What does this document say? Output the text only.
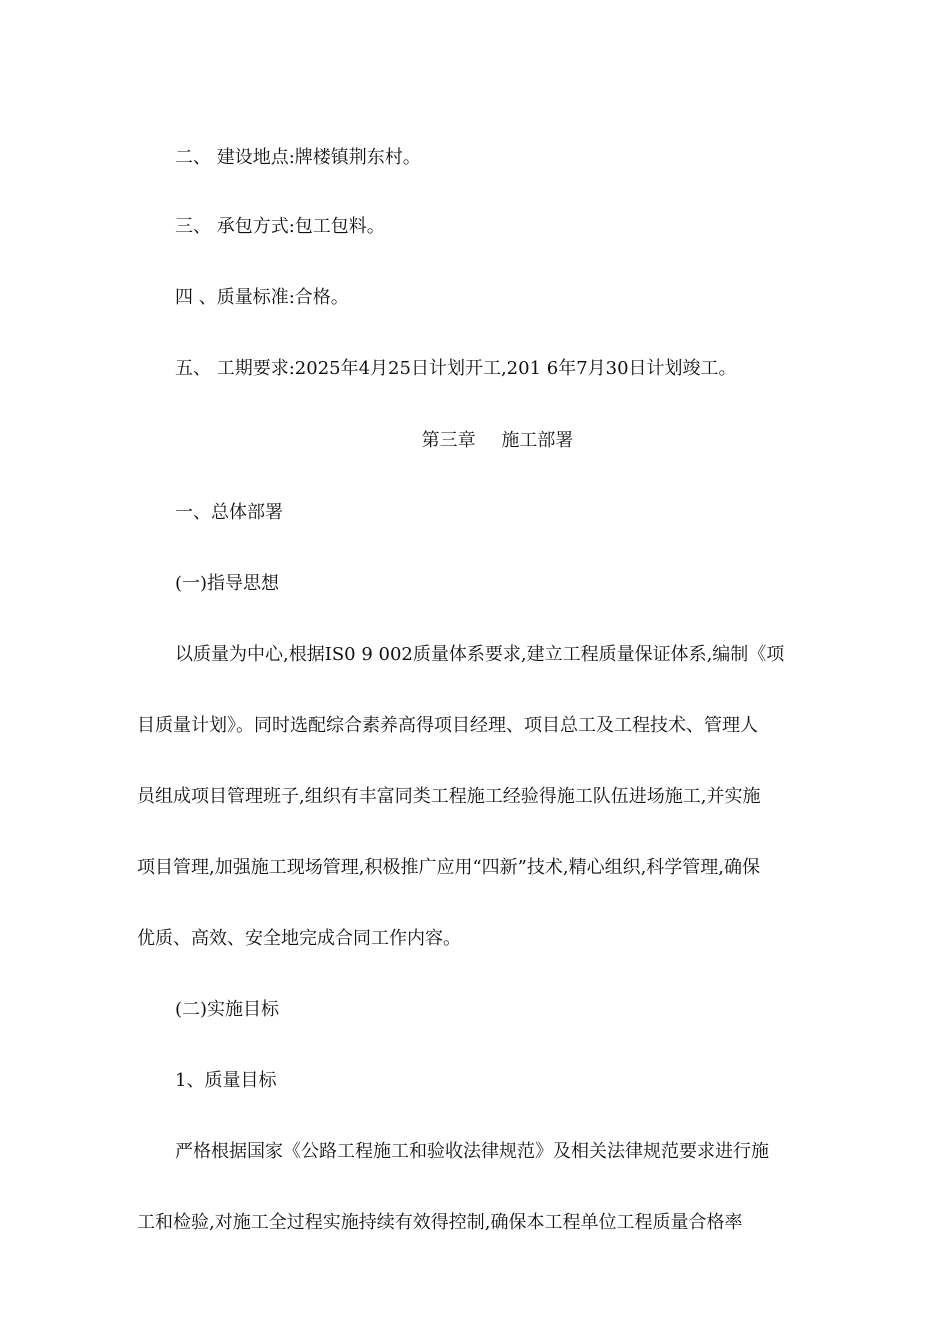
二、 建设地点:牌楼镇荆东村。
三、 承包方式:包工包料。
四 、质量标准:合格。
五、 工期要求:2025年4月25日计划开工,201 6年7月30日计划竣工。
第三章 施工部署
一、总体部署
(一)指导思想
以质量为中心,根据IS0 9 002质量体系要求,建立工程质量保证体系,编制《项
目质量计划》。同时选配综合素养高得项目经理、项目总工及工程技术、管理人
员组成项目管理班子,组织有丰富同类工程施工经验得施工队伍进场施工,并实施
项目管理,加强施工现场管理,积极推广应用“四新”技术,精心组织,科学管理,确保
优质、高效、安全地完成合同工作内容。
(二)实施目标
1、质量目标
严格根据国家《公路工程施工和验收法律规范》及相关法律规范要求进行施
工和检验,对施工全过程实施持续有效得控制,确保本工程单位工程质量合格率
